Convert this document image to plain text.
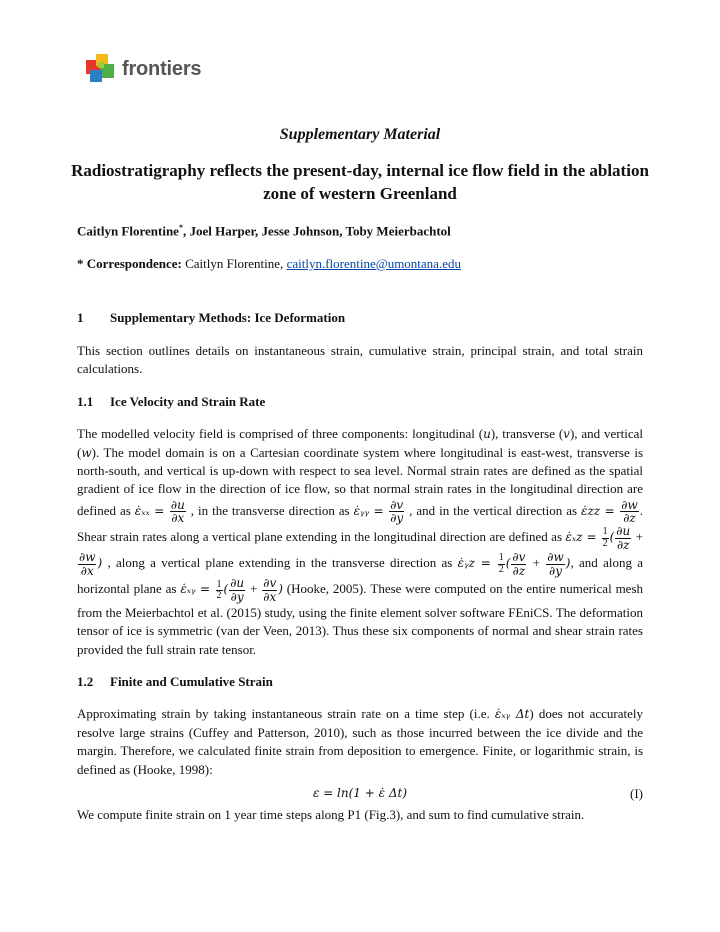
frontiers
Supplementary Material
Radiostratigraphy reflects the present-day, internal ice flow field in the ablation zone of western Greenland

Caitlyn Florentine*, Joel Harper, Jesse Johnson, Toby Meierbachtol

* Correspondence: Caitlyn Florentine, caitlyn.florentine@umontana.edu

1 Supplementary Methods: Ice Deformation

This section outlines details on instantaneous strain, cumulative strain, principal strain, and total strain calculations.

1.1 Ice Velocity and Strain Rate

The modelled velocity field is comprised of three components: longitudinal (u), transverse (v), and vertical (w). The model domain is on a Cartesian coordinate system where longitudinal is east-west, transverse is north-south, and vertical is up-down with respect to sea level. Normal strain rates are defined as the spatial gradient of ice flow in the direction of ice flow, so that normal strain rates in the longitudinal direction are defined as ε̇ₓₓ = $\frac{\partial u}{\partial x}$ , in the transverse direction as ε̇ᵧᵧ = $\frac{\partial v}{\partial y}$ , and in the vertical direction as ε̇zz = $\frac{\partial w}{\partial z}$ . Shear strain rates along a vertical plane extending in the longitudinal direction are defined as ε̇ₓz = $\frac{1}{2}$ ( $\frac{\partial u}{\partial z}$ +
$\frac{\partial w}{\partial x}$ ) , along a vertical plane extending in the transverse direction as ε̇ᵧz = $\frac{1}{2}$ ( $\frac{\partial v}{\partial z} + \frac{\partial w}{\partial y}$ ), and along a horizontal plane as ε̇ₓᵧ = $\frac{1}{2}$ ( $\frac{\partial u}{\partial y} + \frac{\partial v}{\partial x}$ ) (Hooke, 2005). These were computed on the entire numerical mesh from the Meierbachtol et al. (2015) study, using the finite element solver software FEniCS. The deformation tensor of ice is symmetric (van der Veen, 2013). Thus these six components of normal and shear strain rates provided the full strain rate tensor.

1.2 Finite and Cumulative Strain

Approximating strain by taking instantaneous strain rate on a time step (i.e. ε̇ₓᵧ Δt) does not accurately resolve large strains (Cuffey and Patterson, 2010), such as those incurred between the ice divide and the margin. Therefore, we calculated finite strain from deposition to emergence. Finite, or logarithmic strain, is defined as (Hooke, 1998):

ε = ln(1 + ε̇ Δt)	(I)

We compute finite strain on 1 year time steps along P1 (Fig.3), and sum to find cumulative strain.
